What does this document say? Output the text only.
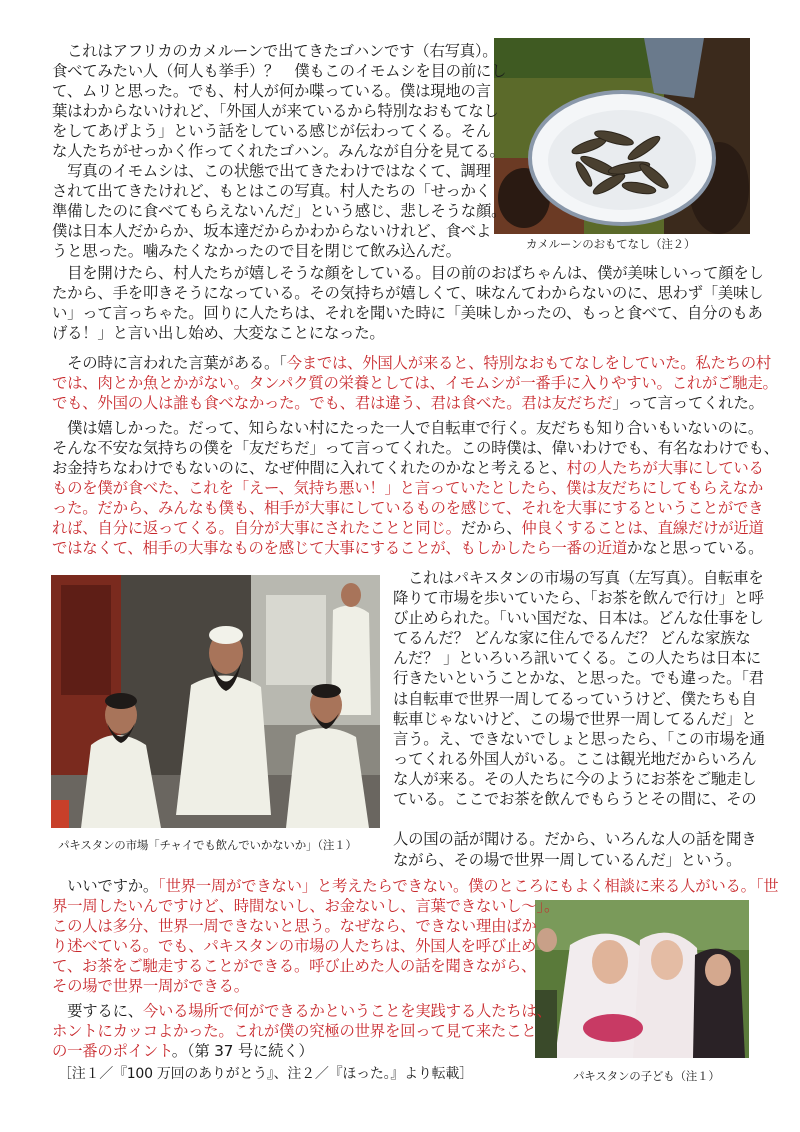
カメルーンのおもてなし（注２）
　これはアフリカのカメルーンで出てきたゴハンです（右写真）。
食べてみたい人（何人も挙手）？　僕もこのイモムシを目の前にし
て、ムリと思った。でも、村人が何か喋っている。僕は現地の言
葉はわからないけれど、「外国人が来ているから特別なおもてなし
をしてあげよう」という話をしている感じが伝わってくる。そん
な人たちがせっかく作ってくれたゴハン。みんなが自分を見てる。
　写真のイモムシは、この状態で出てきたわけではなくて、調理
されて出てきたけれど、もとはこの写真。村人たちの「せっかく
準備したのに食べてもらえないんだ」という感じ、悲しそうな顔。
僕は日本人だからか、坂本達だからかわからないけれど、食べよ
うと思った。噛みたくなかったので目を閉じて飲み込んだ。
　目を開けたら、村人たちが嬉しそうな顔をしている。目の前のおばちゃんは、僕が美味しいって顔をし
たから、手を叩きそうになっている。その気持ちが嬉しくて、味なんてわからないのに、思わず「美味し
い」って言っちゃた。回りに人たちは、それを聞いた時に「美味しかったの、もっと食べて、自分のもあ
げる！」と言い出し始め、大変なことになった。
　その時に言われた言葉がある。「今までは、外国人が来ると、特別なおもてなしをしていた。私たちの村
では、肉とか魚とかがない。タンパク質の栄養としては、イモムシが一番手に入りやすい。これがご馳走。
でも、外国の人は誰も食べなかった。でも、君は違う、君は食べた。君は友だちだ」って言ってくれた。
　僕は嬉しかった。だって、知らない村にたった一人で自転車で行く。友だちも知り合いもいないのに。
そんな不安な気持ちの僕を「友だちだ」って言ってくれた。この時僕は、偉いわけでも、有名なわけでも、
お金持ちなわけでもないのに、なぜ仲間に入れてくれたのかなと考えると、村の人たちが大事にしている
ものを僕が食べた、これを「えー、気持ち悪い！」と言っていたとしたら、僕は友だちにしてもらえなか
った。だから、みんなも僕も、相手が大事にしているものを感じて、それを大事にするということができ
れば、自分に返ってくる。自分が大事にされたことと同じ。だから、仲良くすることは、直線だけが近道
ではなくて、相手の大事なものを感じて大事にすることが、もしかしたら一番の近道かなと思っている。
パキスタンの市場「チャイでも飲んでいかないか」（注１）
　これはパキスタンの市場の写真（左写真）。自転車を
降りて市場を歩いていたら、「お茶を飲んで行け」と呼
び止められた。「いい国だな、日本は。どんな仕事をし
てるんだ？ どんな家に住んでるんだ？ どんな家族な
んだ？ 」といろいろ訊いてくる。この人たちは日本に
行きたいということかな、と思った。でも違った。「君
は自転車で世界一周してるっていうけど、僕たちも自
転車じゃないけど、この場で世界一周してるんだ」と
言う。え、できないでしょと思ったら、「この市場を通
ってくれる外国人がいる。ここは観光地だからいろん
な人が来る。その人たちに今のようにお茶をご馳走し
ている。ここでお茶を飲んでもらうとその間に、その
人の国の話が聞ける。だから、いろんな人の話を聞き
ながら、その場で世界一周しているんだ」という。
パキスタンの子ども（注１）
　いいですか。「世界一周ができない」と考えたらできない。僕のところにもよく相談に来る人がいる。「世
界一周したいんですけど、時間ないし、お金ないし、言葉できないし〜」。
この人は多分、世界一周できないと思う。なぜなら、できない理由ばか
り述べている。でも、パキスタンの市場の人たちは、外国人を呼び止め
て、お茶をご馳走することができる。呼び止めた人の話を聞きながら、
その場で世界一周ができる。
　要するに、今いる場所で何ができるかということを実践する人たちは、
ホントにカッコよかった。これが僕の究極の世界を回って見て来たこと
の一番のポイント。（第 37 号に続く）
［注１／『100 万回のありがとう』、注２／『ほった。』より転載］
